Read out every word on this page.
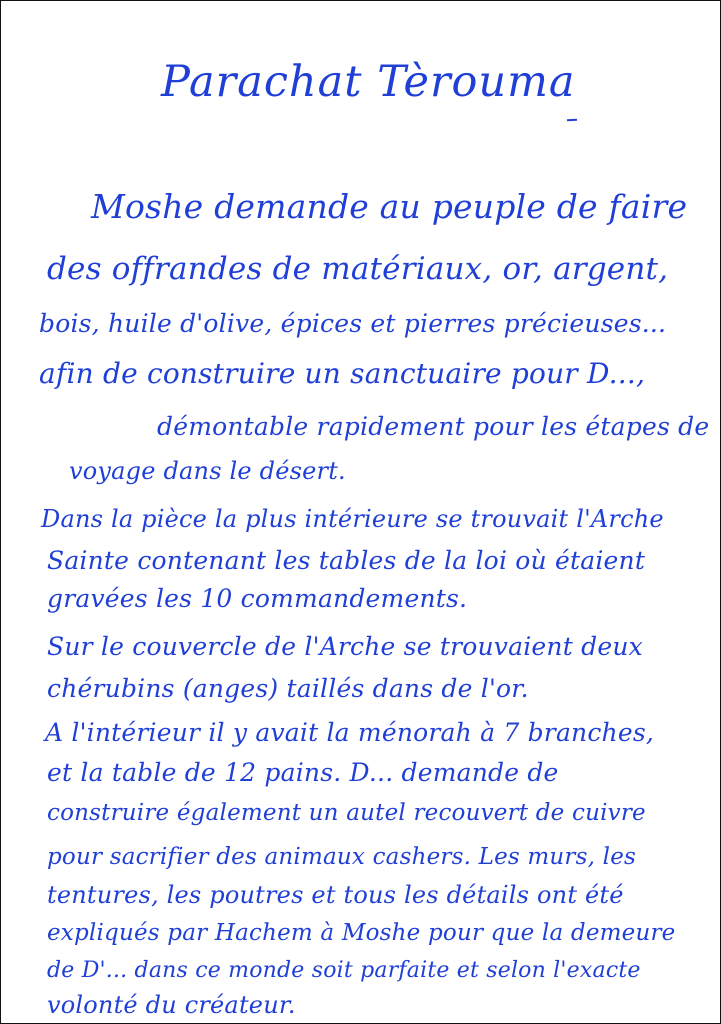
Parachat Tèrouma
Moshe demande au peuple de faire
des offrandes de matériaux, or, argent,
bois, huile d'olive, épices et pierres précieuses...
afin de construire un sanctuaire pour D...,
démontable rapidement pour les étapes de
voyage dans le désert.
Dans la pièce la plus intérieure se trouvait l'Arche
Sainte contenant les tables de la loi où étaient
gravées les 10 commandements.
Sur le couvercle de l'Arche se trouvaient deux
chérubins (anges) taillés dans de l'or.
A l'intérieur il y avait la ménorah à 7 branches,
et la table de 12 pains. D... demande de
construire également un autel recouvert de cuivre
pour sacrifier des animaux cashers. Les murs, les
tentures, les poutres et tous les détails ont été
expliqués par Hachem à Moshe pour que la demeure
de D'... dans ce monde soit parfaite et selon l'exacte
volonté du créateur.
